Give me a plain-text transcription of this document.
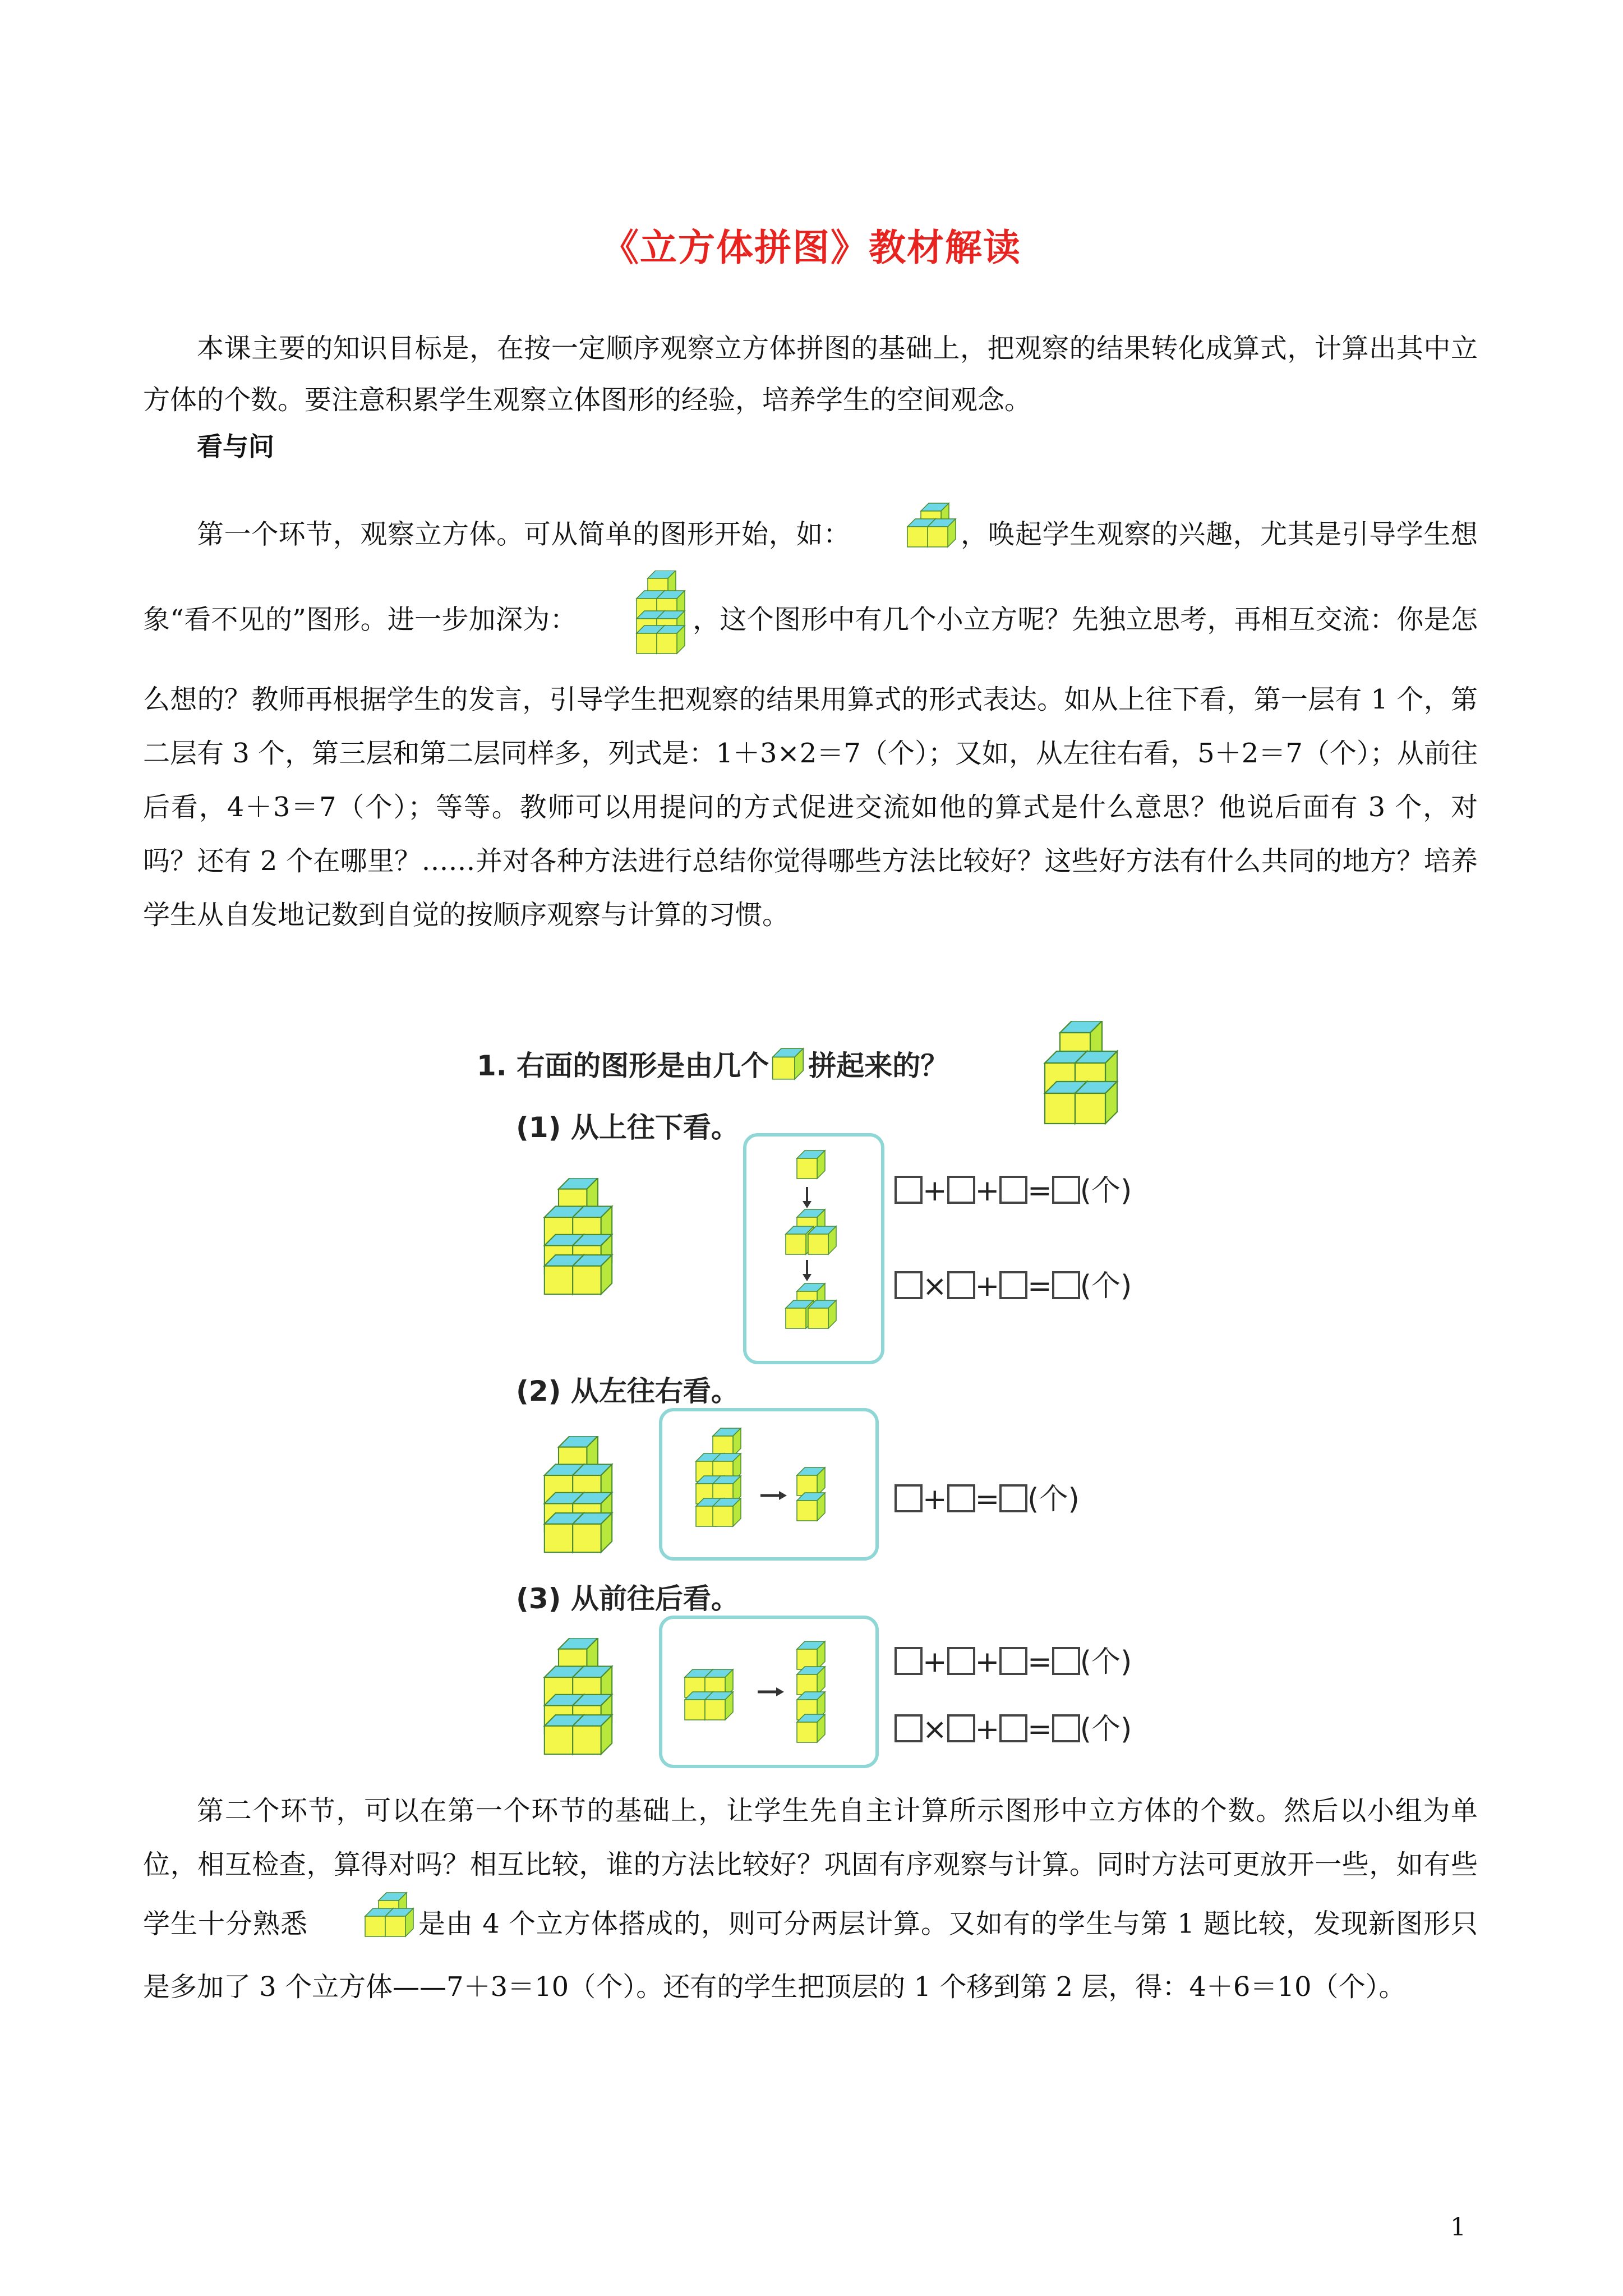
《立方体拼图》教材解读
本课主要的知识目标是，在按一定顺序观察立方体拼图的基础上，把观察的结果转化成算式，计算出其中立方体的个数。要注意积累学生观察立体图形的经验，培养学生的空间观念。
看与问
第一个环节，观察立方体。可从简单的图形开始，如：	，唤起学生观察的兴趣，尤其是引导学生想象“看不见的”图形。进一步加深为：	，这个图形中有几个小立方呢？先独立思考，再相互交流：你是怎么想的？教师再根据学生的发言，引导学生把观察的结果用算式的形式表达。如从上往下看，第一层有 1 个，第二层有 3 个，第三层和第二层同样多，列式是：1＋3×2＝7（个）；又如，从左往右看，5＋2＝7（个）；从前往后看，4＋3＝7（个）；等等。教师可以用提问的方式促进交流如他的算式是什么意思？他说后面有 3 个，对吗？还有 2 个在哪里？……并对各种方法进行总结你觉得哪些方法比较好？这些好方法有什么共同的地方？培养学生从自发地记数到自觉的按顺序观察与计算的习惯。
1. 右面的图形是由几个 拼起来的？
(1) 从上往下看。
+ + = (个)
× + = (个)
(2) 从左往右看。
+ = (个)
(3) 从前往后看。
+ + = (个)
× + = (个)
第二个环节，可以在第一个环节的基础上，让学生先自主计算所示图形中立方体的个数。然后以小组为单位，相互检查，算得对吗？相互比较，谁的方法比较好？巩固有序观察与计算。同时方法可更放开一些，如有些学生十分熟悉	是由 4 个立方体搭成的，则可分两层计算。又如有的学生与第 1 题比较，发现新图形只是多加了 3 个立方体——7＋3＝10（个）。还有的学生把顶层的 1 个移到第 2 层，得：4＋6＝10（个）。
1
